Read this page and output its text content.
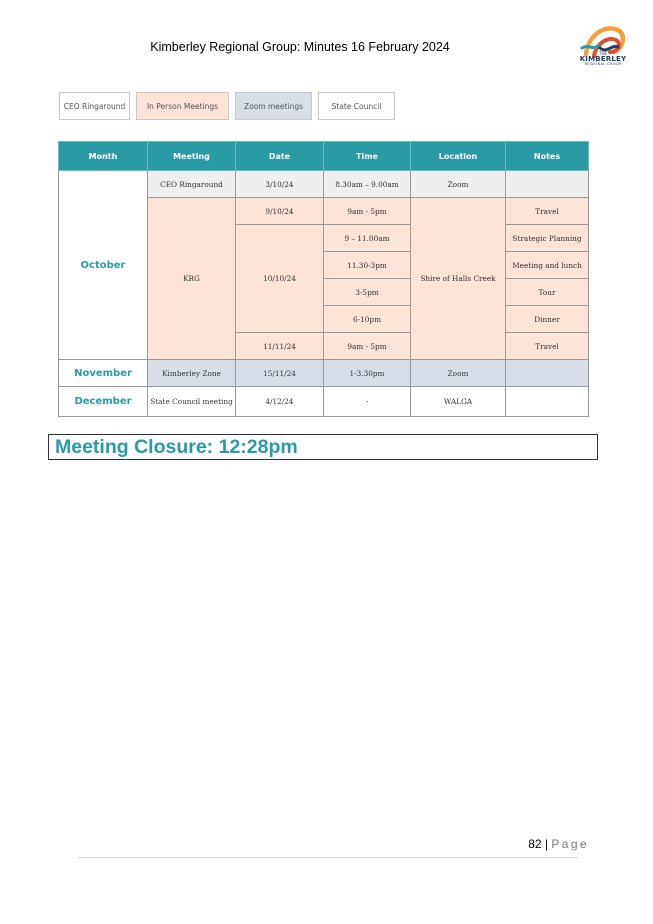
Kimberley Regional Group: Minutes 16 February 2024	THE
KIMBERLEY
REGIONAL GROUP
CEO Ringaround	In Person Meetings	Zoom meetings	State Council
Month	Meeting	Date	Time	Location	Notes
October	CEO Ringaround	3/10/24	8.30am – 9.00am	Zoom	
	KRG	9/10/24	9am - 5pm	Shire of Halls Creek	Travel
		10/10/24	9 – 11.00am		Strategic Planning
			11.30-3pm		Meeting and lunch
			3-5pm		Tour
			6-10pm		Dinner
		11/11/24	9am - 5pm		Travel
November	Kimberley Zone	15/11/24	1-3.30pm	Zoom	
December	State Council meeting	4/12/24	-	WALGA	
Meeting Closure: 12:28pm
82 | Page
